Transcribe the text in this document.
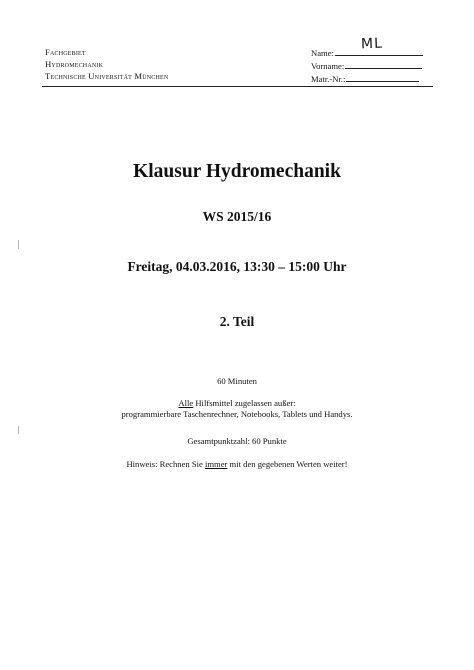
Fachgebiet
Hydromechanik
Technische Universität München
Name:
ML
Vorname:
Matr.-Nr.:
Klausur Hydromechanik
WS 2015/16
Freitag, 04.03.2016, 13:30 – 15:00 Uhr
2. Teil
60 Minuten
Alle Hilfsmittel zugelassen außer:
programmierbare Taschenrechner, Notebooks, Tablets und Handys.
Gesamtpunktzahl: 60 Punkte
Hinweis: Rechnen Sie immer mit den gegebenen Werten weiter!
